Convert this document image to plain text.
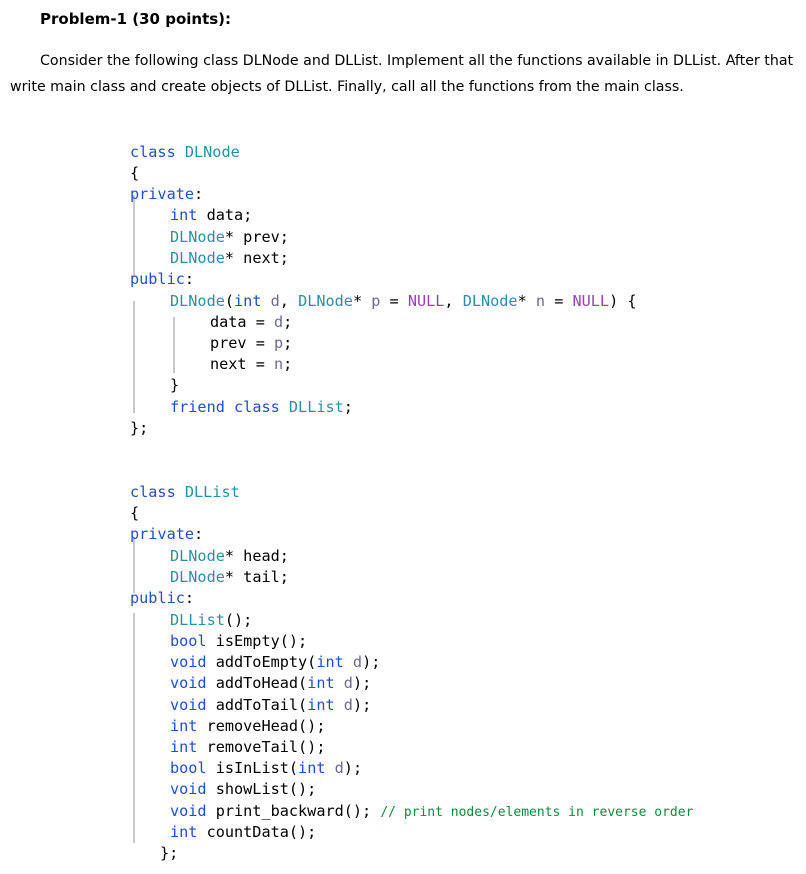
Problem-1 (30 points):
Consider the following class DLNode and DLList. Implement all the functions available in DLList. After that write main class and create objects of DLList. Finally, call all the functions from the main class.
class DLNode
{
private:
int data;
DLNode* prev;
DLNode* next;
public:
DLNode(int d, DLNode* p = NULL, DLNode* n = NULL) {
data = d;
prev = p;
next = n;
}
friend class DLList;
};
class DLList
{
private:
DLNode* head;
DLNode* tail;
public:
DLList();
bool isEmpty();
void addToEmpty(int d);
void addToHead(int d);
void addToTail(int d);
int removeHead();
int removeTail();
bool isInList(int d);
void showList();
void print_backward(); // print nodes/elements in reverse order
int countData();
};
